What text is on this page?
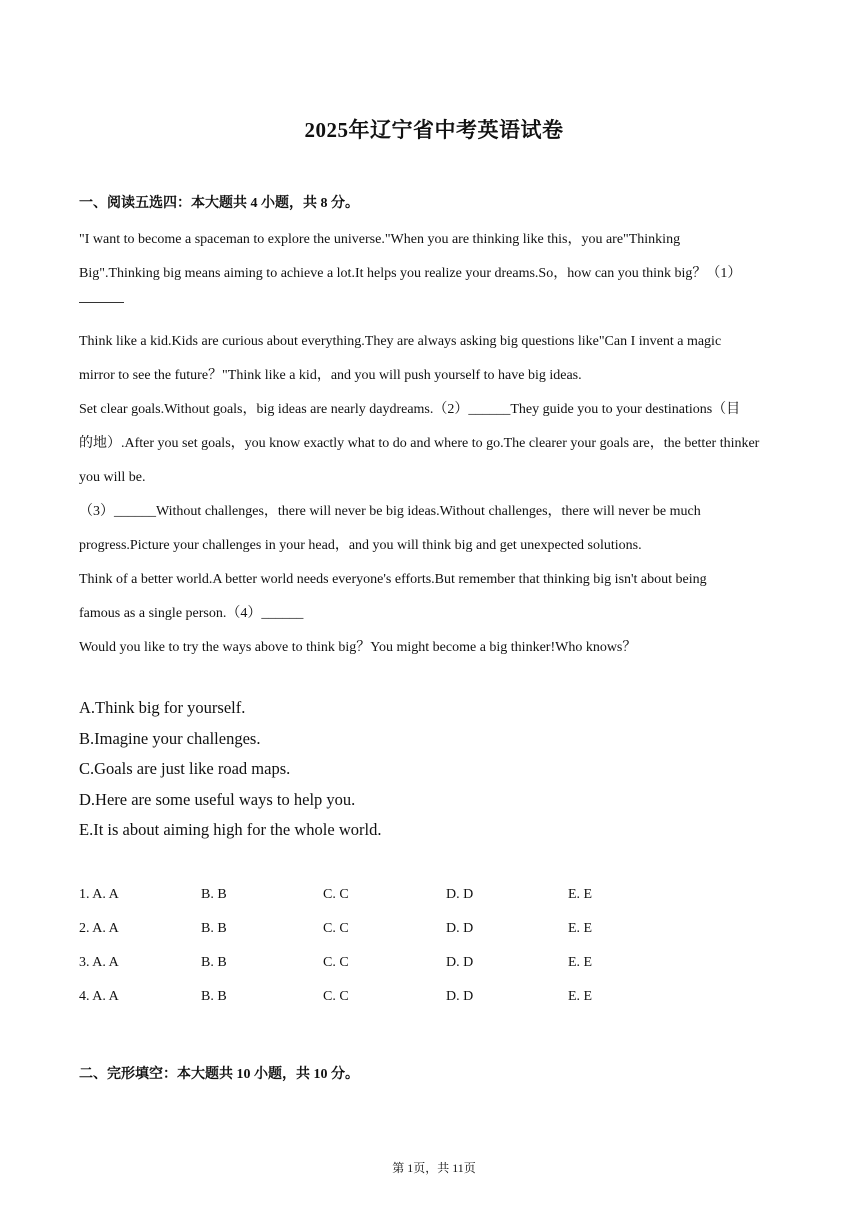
2025年辽宁省中考英语试卷
一、阅读五选四：本大题共 4 小题，共 8 分。

"I want to become a spaceman to explore the universe."When you are thinking like this，you are"Thinking

Big".Thinking big means aiming to achieve a lot.It helps you realize your dreams.So，how can you think big？（1）

Think like a kid.Kids are curious about everything.They are always asking big questions like"Can I invent a magic

mirror to see the future？"Think like a kid，and you will push yourself to have big ideas.

Set clear goals.Without goals，big ideas are nearly daydreams.（2）______They guide you to your destinations（目

的地）.After you set goals，you know exactly what to do and where to go.The clearer your goals are，the better thinker

you will be.

（3）______Without challenges，there will never be big ideas.Without challenges，there will never be much

progress.Picture your challenges in your head，and you will think big and get unexpected solutions.

Think of a better world.A better world needs everyone's efforts.But remember that thinking big isn't about being

famous as a single person.（4）______

Would you like to try the ways above to think big？You might become a big thinker!Who knows？

A.Think big for yourself.
B.Imagine your challenges.
C.Goals are just like road maps.
D.Here are some useful ways to help you.
E.It is about aiming high for the whole world.
1. A. A	B. B	C. C	D. D	E. E
2. A. A	B. B	C. C	D. D	E. E
3. A. A	B. B	C. C	D. D	E. E
4. A. A	B. B	C. C	D. D	E. E
二、完形填空：本大题共 10 小题，共 10 分。
第 1页，共 11页
